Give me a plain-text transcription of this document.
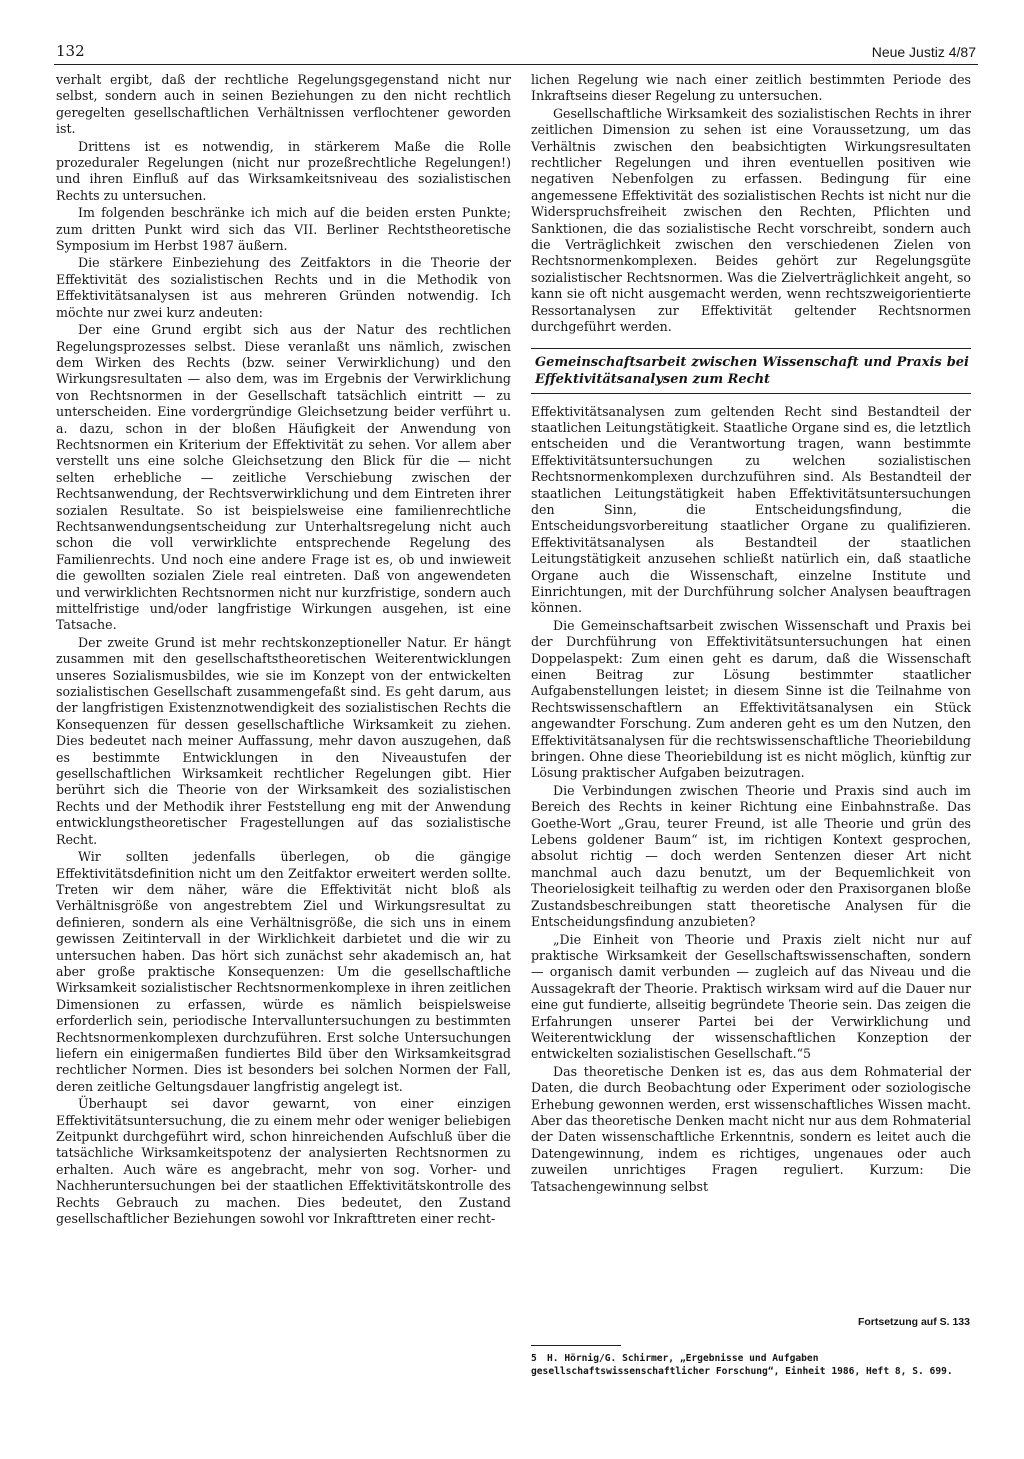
132	Neue Justiz 4/87

verhalt ergibt, daß der rechtliche Regelungsgegenstand nicht nur selbst, sondern auch in seinen Beziehungen zu den nicht rechtlich geregelten gesellschaftlichen Verhältnissen verflochtener geworden ist.

Drittens ist es notwendig, in stärkerem Maße die Rolle prozeduraler Regelungen (nicht nur prozeßrechtliche Regelungen!) und ihren Einfluß auf das Wirksamkeitsniveau des sozialistischen Rechts zu untersuchen.

Im folgenden beschränke ich mich auf die beiden ersten Punkte; zum dritten Punkt wird sich das VII. Berliner Rechtstheoretische Symposium im Herbst 1987 äußern.

Die stärkere Einbeziehung des Zeitfaktors in die Theorie der Effektivität des sozialistischen Rechts und in die Methodik von Effektivitätsanalysen ist aus mehreren Gründen notwendig. Ich möchte nur zwei kurz andeuten:

Der eine Grund ergibt sich aus der Natur des rechtlichen Regelungsprozesses selbst. Diese veranlaßt uns nämlich, zwischen dem Wirken des Rechts (bzw. seiner Verwirklichung) und den Wirkungsresultaten — also dem, was im Ergebnis der Verwirklichung von Rechtsnormen in der Gesellschaft tatsächlich eintritt — zu unterscheiden. Eine vordergründige Gleichsetzung beider verführt u. a. dazu, schon in der bloßen Häufigkeit der Anwendung von Rechtsnormen ein Kriterium der Effektivität zu sehen. Vor allem aber verstellt uns eine solche Gleichsetzung den Blick für die — nicht selten erhebliche — zeitliche Verschiebung zwischen der Rechtsanwendung, der Rechtsverwirklichung und dem Eintreten ihrer sozialen Resultate. So ist beispielsweise eine familienrechtliche Rechtsanwendungsentscheidung zur Unterhaltsregelung nicht auch schon die voll verwirklichte entsprechende Regelung des Familienrechts. Und noch eine andere Frage ist es, ob und inwieweit die gewollten sozialen Ziele real eintreten. Daß von angewendeten und verwirklichten Rechtsnormen nicht nur kurzfristige, sondern auch mittelfristige und/oder langfristige Wirkungen ausgehen, ist eine Tatsache.

Der zweite Grund ist mehr rechtskonzeptioneller Natur. Er hängt zusammen mit den gesellschaftstheoretischen Weiterentwicklungen unseres Sozialismusbildes, wie sie im Konzept von der entwickelten sozialistischen Gesellschaft zusammengefaßt sind. Es geht darum, aus der langfristigen Existenznotwendigkeit des sozialistischen Rechts die Konsequenzen für dessen gesellschaftliche Wirksamkeit zu ziehen. Dies bedeutet nach meiner Auffassung, mehr davon auszugehen, daß es bestimmte Entwicklungen in den Niveaustufen der gesellschaftlichen Wirksamkeit rechtlicher Regelungen gibt. Hier berührt sich die Theorie von der Wirksamkeit des sozialistischen Rechts und der Methodik ihrer Feststellung eng mit der Anwendung entwicklungstheoretischer Fragestellungen auf das sozialistische Recht.

Wir sollten jedenfalls überlegen, ob die gängige Effektivitätsdefinition nicht um den Zeitfaktor erweitert werden sollte. Treten wir dem näher, wäre die Effektivität nicht bloß als Verhältnisgröße von angestrebtem Ziel und Wirkungsresultat zu definieren, sondern als eine Verhältnisgröße, die sich uns in einem gewissen Zeitintervall in der Wirklichkeit darbietet und die wir zu untersuchen haben. Das hört sich zunächst sehr akademisch an, hat aber große praktische Konsequenzen: Um die gesellschaftliche Wirksamkeit sozialistischer Rechtsnormenkomplexe in ihren zeitlichen Dimensionen zu erfassen, würde es nämlich beispielsweise erforderlich sein, periodische Intervalluntersuchungen zu bestimmten Rechtsnormenkomplexen durchzuführen. Erst solche Untersuchungen liefern ein einigermaßen fundiertes Bild über den Wirksamkeitsgrad rechtlicher Normen. Dies ist besonders bei solchen Normen der Fall, deren zeitliche Geltungsdauer langfristig angelegt ist.

Überhaupt sei davor gewarnt, von einer einzigen Effektivitätsuntersuchung, die zu einem mehr oder weniger beliebigen Zeitpunkt durchgeführt wird, schon hinreichenden Aufschluß über die tatsächliche Wirksamkeitspotenz der analysierten Rechtsnormen zu erhalten. Auch wäre es angebracht, mehr von sog. Vorher- und Nachheruntersuchungen bei der staatlichen Effektivitätskontrolle des Rechts Gebrauch zu machen. Dies bedeutet, den Zustand gesellschaftlicher Beziehungen sowohl vor Inkrafttreten einer recht-

lichen Regelung wie nach einer zeitlich bestimmten Periode des Inkraftseins dieser Regelung zu untersuchen.

Gesellschaftliche Wirksamkeit des sozialistischen Rechts in ihrer zeitlichen Dimension zu sehen ist eine Voraussetzung, um das Verhältnis zwischen den beabsichtigten Wirkungsresultaten rechtlicher Regelungen und ihren eventuellen positiven wie negativen Nebenfolgen zu erfassen. Bedingung für eine angemessene Effektivität des sozialistischen Rechts ist nicht nur die Widerspruchsfreiheit zwischen den Rechten, Pflichten und Sanktionen, die das sozialistische Recht vorschreibt, sondern auch die Verträglichkeit zwischen den verschiedenen Zielen von Rechtsnormenkomplexen. Beides gehört zur Regelungsgüte sozialistischer Rechtsnormen. Was die Zielverträglichkeit angeht, so kann sie oft nicht ausgemacht werden, wenn rechtszweigorientierte Ressortanalysen zur Effektivität geltender Rechtsnormen durchgeführt werden.

Gemeinschaftsarbeit zwischen Wissenschaft und Praxis bei Effektivitätsanalysen zum Recht

Effektivitätsanalysen zum geltenden Recht sind Bestandteil der staatlichen Leitungstätigkeit. Staatliche Organe sind es, die letztlich entscheiden und die Verantwortung tragen, wann bestimmte Effektivitätsuntersuchungen zu welchen sozialistischen Rechtsnormenkomplexen durchzuführen sind. Als Bestandteil der staatlichen Leitungstätigkeit haben Effektivitätsuntersuchungen den Sinn, die Entscheidungsfindung, die Entscheidungsvorbereitung staatlicher Organe zu qualifizieren. Effektivitätsanalysen als Bestandteil der staatlichen Leitungstätigkeit anzusehen schließt natürlich ein, daß staatliche Organe auch die Wissenschaft, einzelne Institute und Einrichtungen, mit der Durchführung solcher Analysen beauftragen können.

Die Gemeinschaftsarbeit zwischen Wissenschaft und Praxis bei der Durchführung von Effektivitätsuntersuchungen hat einen Doppelaspekt: Zum einen geht es darum, daß die Wissenschaft einen Beitrag zur Lösung bestimmter staatlicher Aufgabenstellungen leistet; in diesem Sinne ist die Teilnahme von Rechtswissenschaftlern an Effektivitätsanalysen ein Stück angewandter Forschung. Zum anderen geht es um den Nutzen, den Effektivitätsanalysen für die rechtswissenschaftliche Theoriebildung bringen. Ohne diese Theoriebildung ist es nicht möglich, künftig zur Lösung praktischer Aufgaben beizutragen.

Die Verbindungen zwischen Theorie und Praxis sind auch im Bereich des Rechts in keiner Richtung eine Einbahnstraße. Das Goethe-Wort „Grau, teurer Freund, ist alle Theorie und grün des Lebens goldener Baum“ ist, im richtigen Kontext gesprochen, absolut richtig — doch werden Sentenzen dieser Art nicht manchmal auch dazu benutzt, um der Bequemlichkeit von Theorielosigkeit teilhaftig zu werden oder den Praxisorganen bloße Zustandsbeschreibungen statt theoretische Analysen für die Entscheidungsfindung anzubieten?

„Die Einheit von Theorie und Praxis zielt nicht nur auf praktische Wirksamkeit der Gesellschaftswissenschaften, sondern — organisch damit verbunden — zugleich auf das Niveau und die Aussagekraft der Theorie. Praktisch wirksam wird auf die Dauer nur eine gut fundierte, allseitig begründete Theorie sein. Das zeigen die Erfahrungen unserer Partei bei der Verwirklichung und Weiterentwicklung der wissenschaftlichen Konzeption der entwickelten sozialistischen Gesellschaft.“5

Das theoretische Denken ist es, das aus dem Rohmaterial der Daten, die durch Beobachtung oder Experiment oder soziologische Erhebung gewonnen werden, erst wissenschaftliches Wissen macht. Aber das theoretische Denken macht nicht nur aus dem Rohmaterial der Daten wissenschaftliche Erkenntnis, sondern es leitet auch die Datengewinnung, indem es richtiges, ungenaues oder auch zuweilen unrichtiges Fragen reguliert. Kurzum: Die Tatsachengewinnung selbst

Fortsetzung auf S. 133
5 H. Hörnig/G. Schirmer, „Ergebnisse und Aufgaben gesellschaftswissenschaftlicher Forschung“, Einheit 1986, Heft 8, S. 699.
